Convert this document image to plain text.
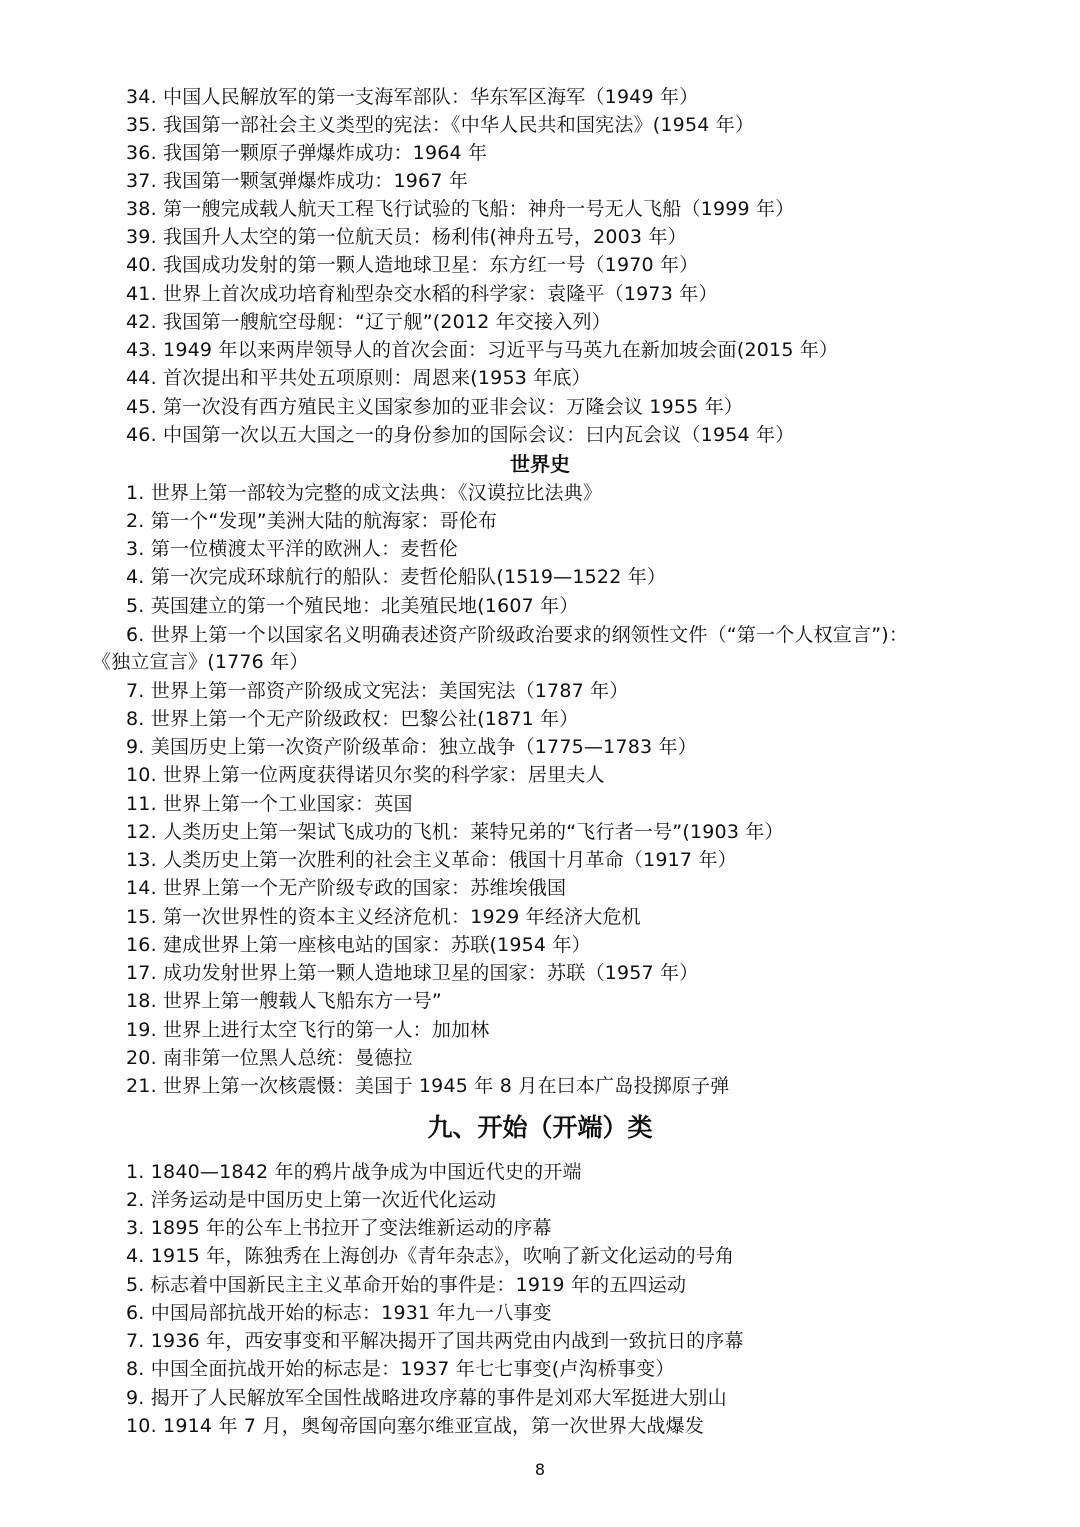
34. 中国人民解放军的第一支海军部队：华东军区海军（1949 年）
35. 我国第一部社会主义类型的宪法：《中华人民共和国宪法》(1954 年）
36. 我国第一颗原子弹爆炸成功：1964 年
37. 我国第一颗氢弹爆炸成功：1967 年
38. 第一艘完成载人航天工程飞行试验的飞船：神舟一号无人飞船（1999 年）
39. 我国升人太空的第一位航天员：杨利伟(神舟五号，2003 年）
40. 我国成功发射的第一颗人造地球卫星：东方红一号（1970 年）
41. 世界上首次成功培育籼型杂交水稻的科学家：袁隆平（1973 年）
42. 我国第一艘航空母舰：“辽亍舰”(2012 年交接入列）
43. 1949 年以来两岸领导人的首次会面：习近平与马英九在新加坡会面(2015 年）
44. 首次提出和平共处五项原则：周恩来(1953 年底）
45. 第一次没有西方殖民主义国家参加的亚非会议：万隆会议 1955 年）
46. 中国第一次以五大国之一的身份参加的国际会议：曰内瓦会议（1954 年）
世界史
1. 世界上第一部较为完整的成文法典：《汉谟拉比法典》
2. 第一个“发现”美洲大陆的航海家：哥伦布
3. 第一位横渡太平洋的欧洲人：麦哲伦
4. 第一次完成环球航行的船队：麦哲伦船队(1519—1522 年）
5. 英国建立的第一个殖民地：北美殖民地(1607 年）
6. 世界上第一个以国家名义明确表述资产阶级政治要求的纲领性文件（“第一个人权宣言”)：
《独立宣言》(1776 年）
7. 世界上第一部资产阶级成文宪法：美国宪法（1787 年）
8. 世界上第一个无产阶级政权：巴黎公社(1871 年）
9. 美国历史上第一次资产阶级革命：独立战争（1775—1783 年）
10. 世界上第一位两度获得诺贝尔奖的科学家：居里夫人
11. 世界上第一个工业国家：英国
12. 人类历史上第一架试飞成功的飞机：莱特兄弟的“飞行者一号”(1903 年）
13. 人类历史上第一次胜利的社会主义革命：俄国十月革命（1917 年）
14. 世界上第一个无产阶级专政的国家：苏维埃俄国
15. 第一次世界性的资本主义经济危机：1929 年经济大危机
16. 建成世界上第一座核电站的国家：苏联(1954 年）
17. 成功发射世界上第一颗人造地球卫星的国家：苏联（1957 年）
18. 世界上第一艘载人飞船东方一号”
19. 世界上进行太空飞行的第一人：加加林
20. 南非第一位黑人总统：曼德拉
21. 世界上第一次核震慑：美国于 1945 年 8 月在曰本广岛投掷原子弹
九、开始（开端）类
1. 1840—1842 年的鸦片战争成为中国近代史的开端
2. 洋务运动是中国历史上第一次近代化运动
3. 1895 年的公车上书拉开了变法维新运动的序幕
4. 1915 年，陈独秀在上海创办《青年杂志》，吹响了新文化运动的号角
5. 标志着中国新民主主义革命开始的事件是：1919 年的五四运动
6. 中国局部抗战开始的标志：1931 年九一八事变
7. 1936 年，西安事变和平解决揭开了国共两党由内战到一致抗日的序幕
8. 中国全面抗战开始的标志是：1937 年七七事变(卢沟桥事变）
9. 揭开了人民解放军全国性战略进攻序幕的事件是刘邓大军挺进大别山
10. 1914 年 7 月，奥匈帝国向塞尔维亚宣战，第一次世界大战爆发
8
